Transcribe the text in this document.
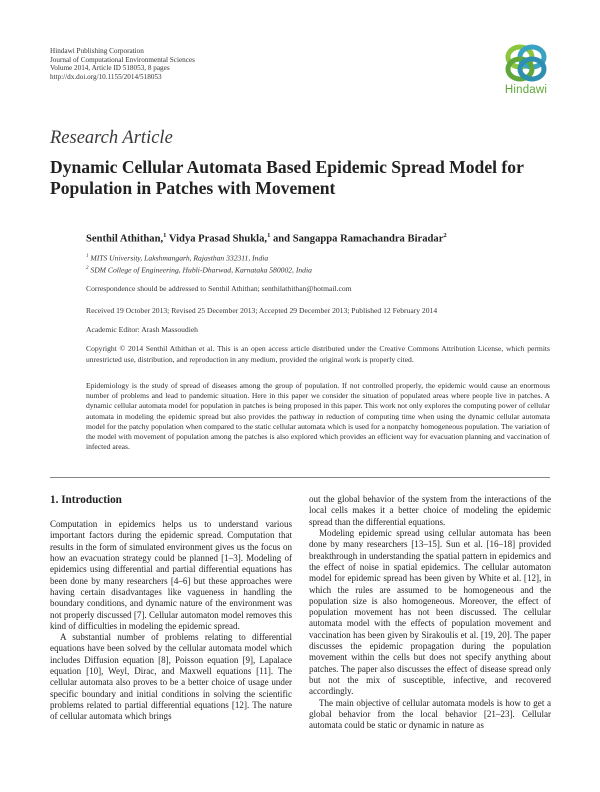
Hindawi Publishing Corporation
Journal of Computational Environmental Sciences
Volume 2014, Article ID 518053, 8 pages
http://dx.doi.org/10.1155/2014/518053
Hindawi
Research Article
Dynamic Cellular Automata Based Epidemic Spread Model for
Population in Patches with Movement
Senthil Athithan,$^1$ Vidya Prasad Shukla,$^1$ and Sangappa Ramachandra Biradar$^2$
$^1$ MITS University, Lakshmangarh, Rajasthan 332311, India
$^2$ SDM College of Engineering, Hubli-Dharwad, Karnataka 580002, India
Correspondence should be addressed to Senthil Athithan; senthilathithan@hotmail.com
Received 19 October 2013; Revised 25 December 2013; Accepted 29 December 2013; Published 12 February 2014
Academic Editor: Arash Massoudieh
Copyright © 2014 Senthil Athithan et al. This is an open access article distributed under the Creative Commons Attribution License, which permits unrestricted use, distribution, and reproduction in any medium, provided the original work is properly cited.
Epidemiology is the study of spread of diseases among the group of population. If not controlled properly, the epidemic would cause an enormous number of problems and lead to pandemic situation. Here in this paper we consider the situation of populated areas where people live in patches. A dynamic cellular automata model for population in patches is being proposed in this paper. This work not only explores the computing power of cellular automata in modeling the epidemic spread but also provides the pathway in reduction of computing time when using the dynamic cellular automata model for the patchy population when compared to the static cellular automata which is used for a nonpatchy homogeneous population. The variation of the model with movement of population among the patches is also explored which provides an efficient way for evacuation planning and vaccination of infected areas.
1. Introduction

Computation in epidemics helps us to understand various important factors during the epidemic spread. Computation that results in the form of simulated environment gives us the focus on how an evacuation strategy could be planned [1–3]. Modeling of epidemics using differential and partial differential equations has been done by many researchers [4–6] but these approaches were having certain disadvantages like vagueness in handling the boundary conditions, and dynamic nature of the environment was not properly discussed [7]. Cellular automaton model removes this kind of difficulties in modeling the epidemic spread.

A substantial number of problems relating to differential equations have been solved by the cellular automata model which includes Diffusion equation [8], Poisson equation [9], Lapalace equation [10], Weyl, Dirac, and Maxwell equations [11]. The cellular automata also proves to be a better choice of usage under specific boundary and initial conditions in solving the scientific problems related to partial differential equations [12]. The nature of cellular automata which brings

out the global behavior of the system from the interactions of the local cells makes it a better choice of modeling the epidemic spread than the differential equations.

Modeling epidemic spread using cellular automata has been done by many researchers [13–15]. Sun et al. [16–18] provided breakthrough in understanding the spatial pattern in epidemics and the effect of noise in spatial epidemics. The cellular automaton model for epidemic spread has been given by White et al. [12], in which the rules are assumed to be homogeneous and the population size is also homogeneous. Moreover, the effect of population movement has not been discussed. The cellular automata model with the effects of population movement and vaccination has been given by Sirakoulis et al. [19, 20]. The paper discusses the epidemic propagation during the population movement within the cells but does not specify anything about patches. The paper also discusses the effect of disease spread only but not the mix of susceptible, infective, and recovered accordingly.

The main objective of cellular automata models is how to get a global behavior from the local behavior [21–23]. Cellular automata could be static or dynamic in nature as
